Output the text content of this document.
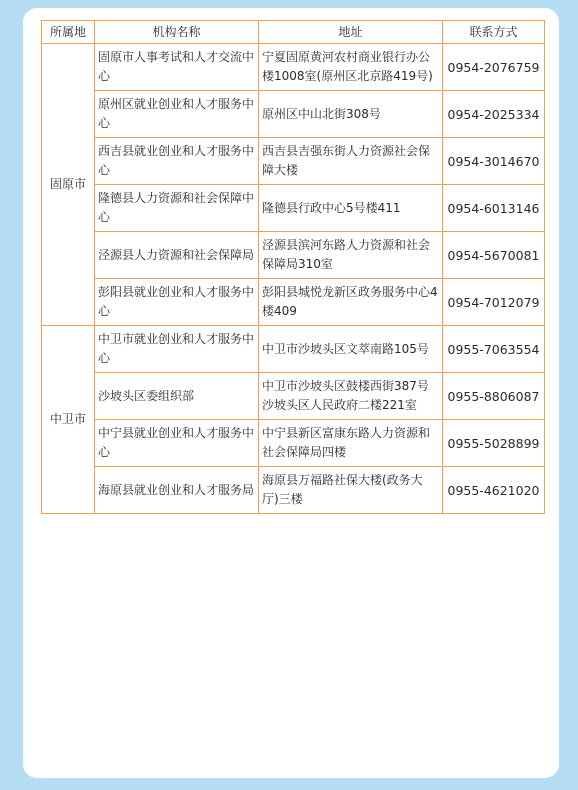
所属地	机构名称	地址	联系方式
固原市	固原市人事考试和人才交流中心	宁夏固原黄河农村商业银行办公楼1008室(原州区北京路419号)	0954-2076759
	原州区就业创业和人才服务中心	原州区中山北街308号	0954-2025334
	西吉县就业创业和人才服务中心	西吉县吉强东街人力资源社会保障大楼	0954-3014670
	隆德县人力资源和社会保障中心	隆德县行政中心5号楼411	0954-6013146
	泾源县人力资源和社会保障局	泾源县滨河东路人力资源和社会保障局310室	0954-5670081
	彭阳县就业创业和人才服务中心	彭阳县城悦龙新区政务服务中心4楼409	0954-7012079
中卫市	中卫市就业创业和人才服务中心	中卫市沙坡头区文萃南路105号	0955-7063554
	沙坡头区委组织部	中卫市沙坡头区鼓楼西街387号沙坡头区人民政府二楼221室	0955-8806087
	中宁县就业创业和人才服务中心	中宁县新区富康东路人力资源和社会保障局四楼	0955-5028899
	海原县就业创业和人才服务局	海原县万福路社保大楼(政务大厅)三楼	0955-4621020
